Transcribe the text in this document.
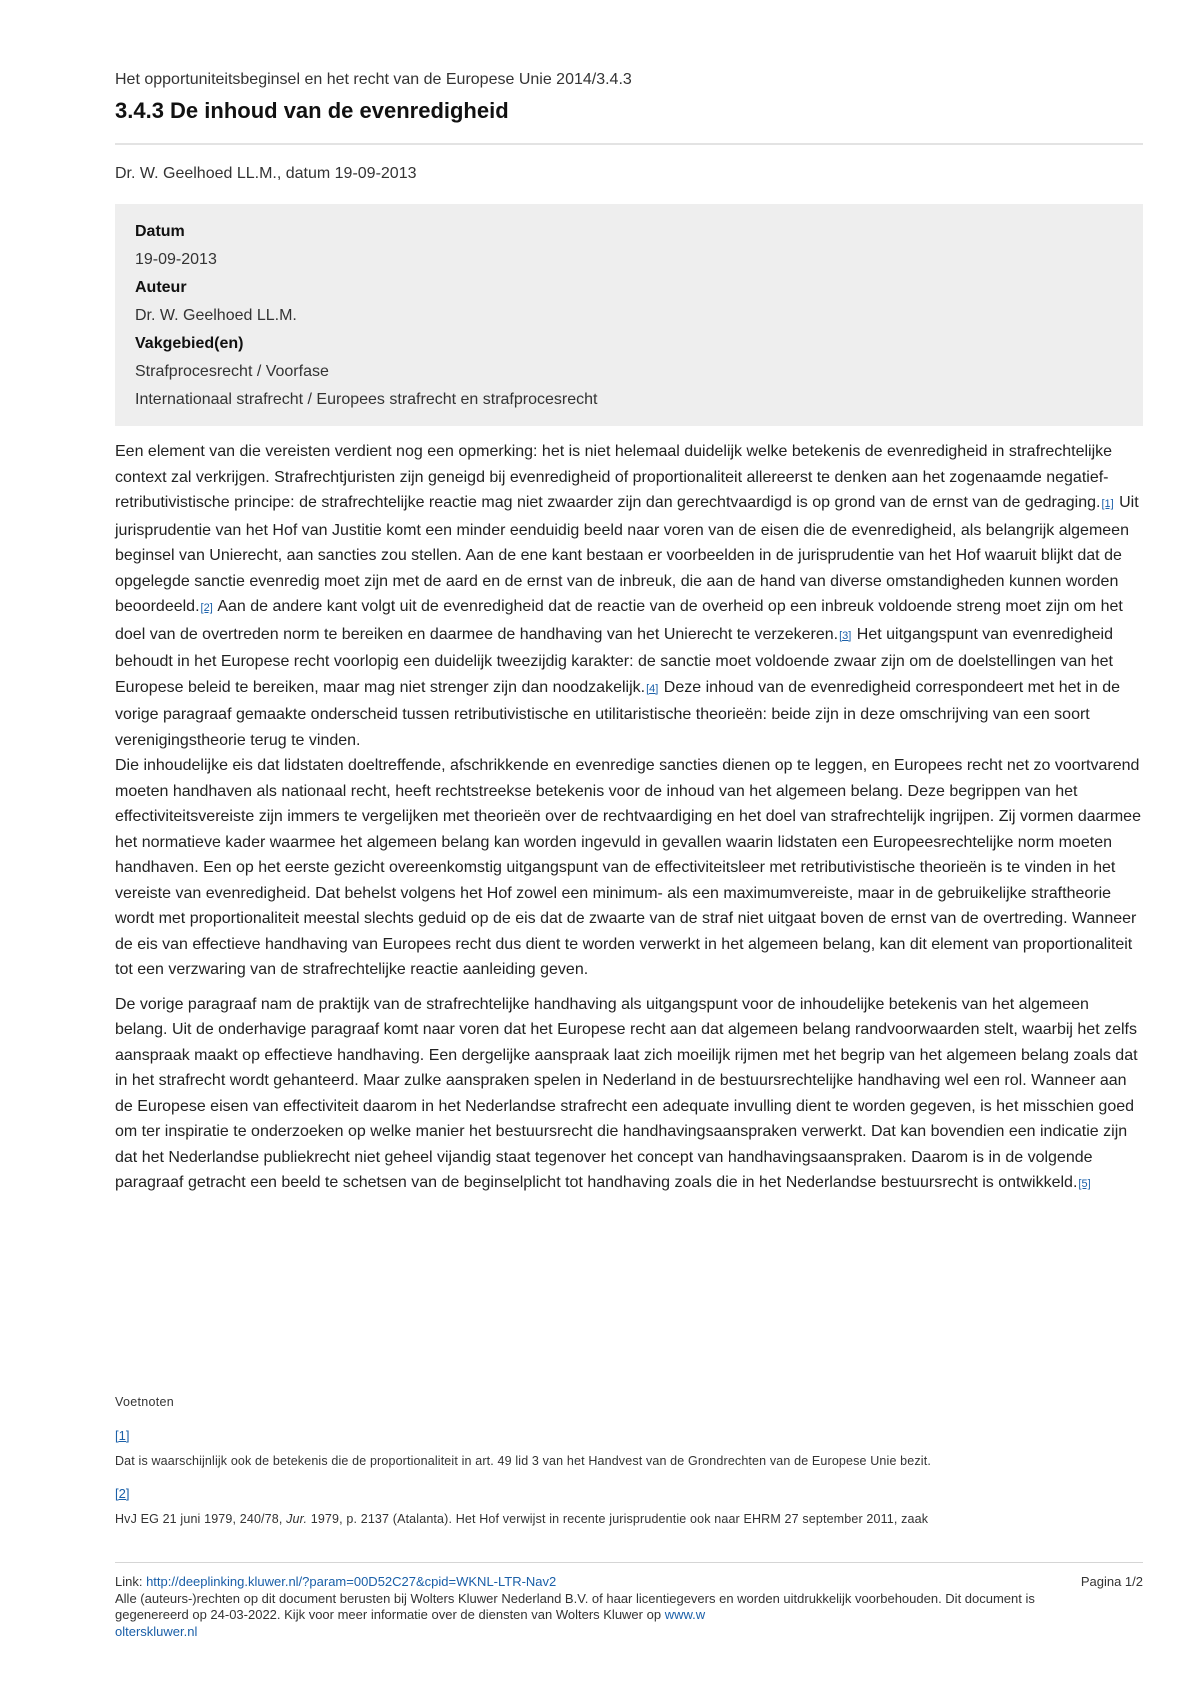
Het opportuniteitsbeginsel en het recht van de Europese Unie 2014/3.4.3
3.4.3 De inhoud van de evenredigheid
Dr. W. Geelhoed LL.M., datum 19-09-2013
Datum
19-09-2013
Auteur
Dr. W. Geelhoed LL.M.
Vakgebied(en)
Strafprocesrecht / Voorfase
Internationaal strafrecht / Europees strafrecht en strafprocesrecht

Een element van die vereisten verdient nog een opmerking: het is niet helemaal duidelijk welke betekenis de evenredigheid in strafrechtelijke context zal verkrijgen. Strafrechtjuristen zijn geneigd bij evenredigheid of proportionaliteit allereerst te denken aan het zogenaamde negatief-retributivistische principe: de strafrechtelijke reactie mag niet zwaarder zijn dan gerechtvaardigd is op grond van de ernst van de gedraging.[1] Uit jurisprudentie van het Hof van Justitie komt een minder eenduidig beeld naar voren van de eisen die de evenredigheid, als belangrijk algemeen beginsel van Unierecht, aan sancties zou stellen. Aan de ene kant bestaan er voorbeelden in de jurisprudentie van het Hof waaruit blijkt dat de opgelegde sanctie evenredig moet zijn met de aard en de ernst van de inbreuk, die aan de hand van diverse omstandigheden kunnen worden beoordeeld.[2] Aan de andere kant volgt uit de evenredigheid dat de reactie van de overheid op een inbreuk voldoende streng moet zijn om het doel van de overtreden norm te bereiken en daarmee de handhaving van het Unierecht te verzekeren.[3] Het uitgangspunt van evenredigheid behoudt in het Europese recht voorlopig een duidelijk tweezijdig karakter: de sanctie moet voldoende zwaar zijn om de doelstellingen van het Europese beleid te bereiken, maar mag niet strenger zijn dan noodzakelijk.[4] Deze inhoud van de evenredigheid correspondeert met het in de vorige paragraaf gemaakte onderscheid tussen retributivistische en utilitaristische theorieën: beide zijn in deze omschrijving van een soort verenigingstheorie terug te vinden.

Die inhoudelijke eis dat lidstaten doeltreffende, afschrikkende en evenredige sancties dienen op te leggen, en Europees recht net zo voortvarend moeten handhaven als nationaal recht, heeft rechtstreekse betekenis voor de inhoud van het algemeen belang. Deze begrippen van het effectiviteitsvereiste zijn immers te vergelijken met theorieën over de rechtvaardiging en het doel van strafrechtelijk ingrijpen. Zij vormen daarmee het normatieve kader waarmee het algemeen belang kan worden ingevuld in gevallen waarin lidstaten een Europeesrechtelijke norm moeten handhaven. Een op het eerste gezicht overeenkomstig uitgangspunt van de effectiviteitsleer met retributivistische theorieën is te vinden in het vereiste van evenredigheid. Dat behelst volgens het Hof zowel een minimum- als een maximumvereiste, maar in de gebruikelijke straftheorie wordt met proportionaliteit meestal slechts geduid op de eis dat de zwaarte van de straf niet uitgaat boven de ernst van de overtreding. Wanneer de eis van effectieve handhaving van Europees recht dus dient te worden verwerkt in het algemeen belang, kan dit element van proportionaliteit tot een verzwaring van de strafrechtelijke reactie aanleiding geven.

De vorige paragraaf nam de praktijk van de strafrechtelijke handhaving als uitgangspunt voor de inhoudelijke betekenis van het algemeen belang. Uit de onderhavige paragraaf komt naar voren dat het Europese recht aan dat algemeen belang randvoorwaarden stelt, waarbij het zelfs aanspraak maakt op effectieve handhaving. Een dergelijke aanspraak laat zich moeilijk rijmen met het begrip van het algemeen belang zoals dat in het strafrecht wordt gehanteerd. Maar zulke aanspraken spelen in Nederland in de bestuursrechtelijke handhaving wel een rol. Wanneer aan de Europese eisen van effectiviteit daarom in het Nederlandse strafrecht een adequate invulling dient te worden gegeven, is het misschien goed om ter inspiratie te onderzoeken op welke manier het bestuursrecht die handhavingsaanspraken verwerkt. Dat kan bovendien een indicatie zijn dat het Nederlandse publiekrecht niet geheel vijandig staat tegenover het concept van handhavingsaanspraken. Daarom is in de volgende paragraaf getracht een beeld te schetsen van de beginselplicht tot handhaving zoals die in het Nederlandse bestuursrecht is ontwikkeld.[5]

Voetnoten
[1]
Dat is waarschijnlijk ook de betekenis die de proportionaliteit in art. 49 lid 3 van het Handvest van de Grondrechten van de Europese Unie bezit.
[2]
HvJ EG 21 juni 1979, 240/78, Jur. 1979, p. 2137 (Atalanta). Het Hof verwijst in recente jurisprudentie ook naar EHRM 27 september 2011, zaak
Link: http://deeplinking.kluwer.nl/?param=00D52C27&cpid=WKNL-LTR-Nav2
Alle (auteurs-)rechten op dit document berusten bij Wolters Kluwer Nederland B.V. of haar licentiegevers en worden uitdrukkelijk voorbehouden. Dit document is gegenereerd op 24-03-2022. Kijk voor meer informatie over de diensten van Wolters Kluwer op www.w
olterskluwer.nl
Pagina 1/2
